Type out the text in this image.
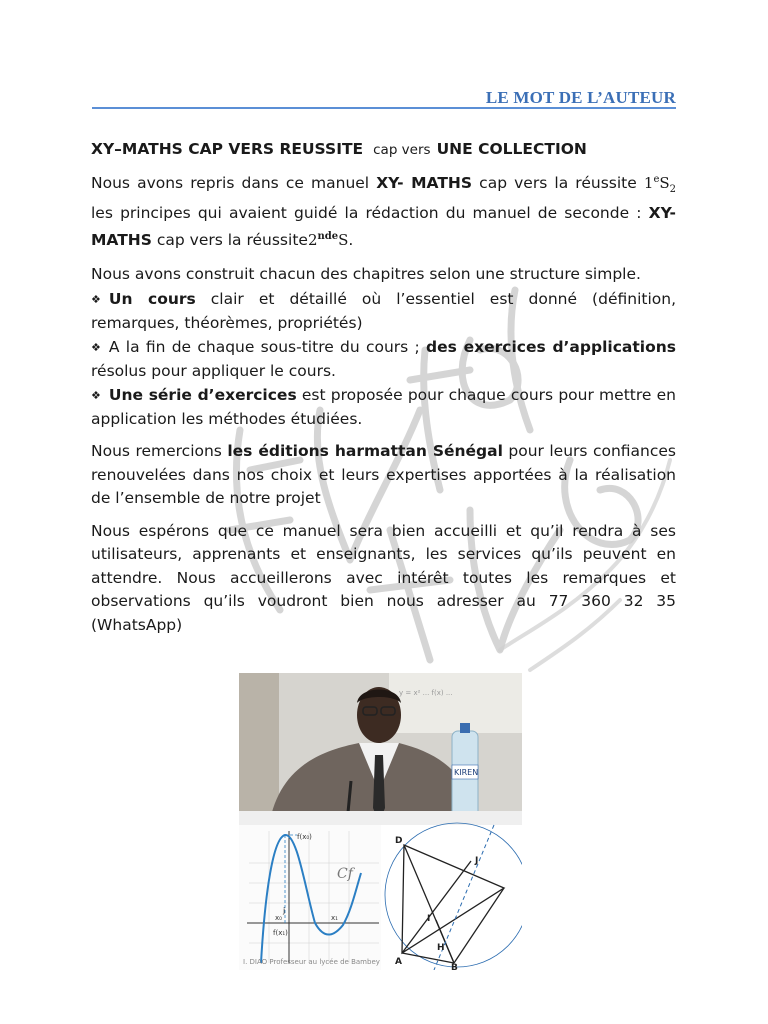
LE MOT DE L’AUTEUR
XY–MATHS CAP VERS REUSSITE cap vers UNE COLLECTION

Nous avons repris dans ce manuel XY- MATHS cap vers la réussite $1^eS_2$ les principes qui avaient guidé la rédaction du manuel de seconde : XY- MATHS cap vers la réussite2ndeS.

Nous avons construit chacun des chapitres selon une structure simple.

❖ Un cours clair et détaillé où l’essentiel est donné (définition, remarques, théorèmes, propriétés)
❖ A la fin de chaque sous-titre du cours ; des exercices d’applications résolus pour appliquer le cours.
❖ Une série d’exercices est proposée pour chaque cours pour mettre en application les méthodes étudiées.

Nous remercions les éditions harmattan Sénégal pour leurs confiances renouvelées dans nos choix et leurs expertises apportées à la réalisation de l’ensemble de notre projet

Nous espérons que ce manuel sera bien accueilli et qu’il rendra à ses utilisateurs, apprenants et enseignants, les services qu’ils peuvent en attendre. Nous accueillerons avec intérêt toutes les remarques et observations qu’ils voudront bien nous adresser au 77 360 32 35 (WhatsApp)

y = x² ... f(x) ...
KIREN
f(x₀)
Cf
x₀	x₁
j
f(x₁)
D
J
I
H
A
B
I. DIAO Professeur au lycée de Bambey
